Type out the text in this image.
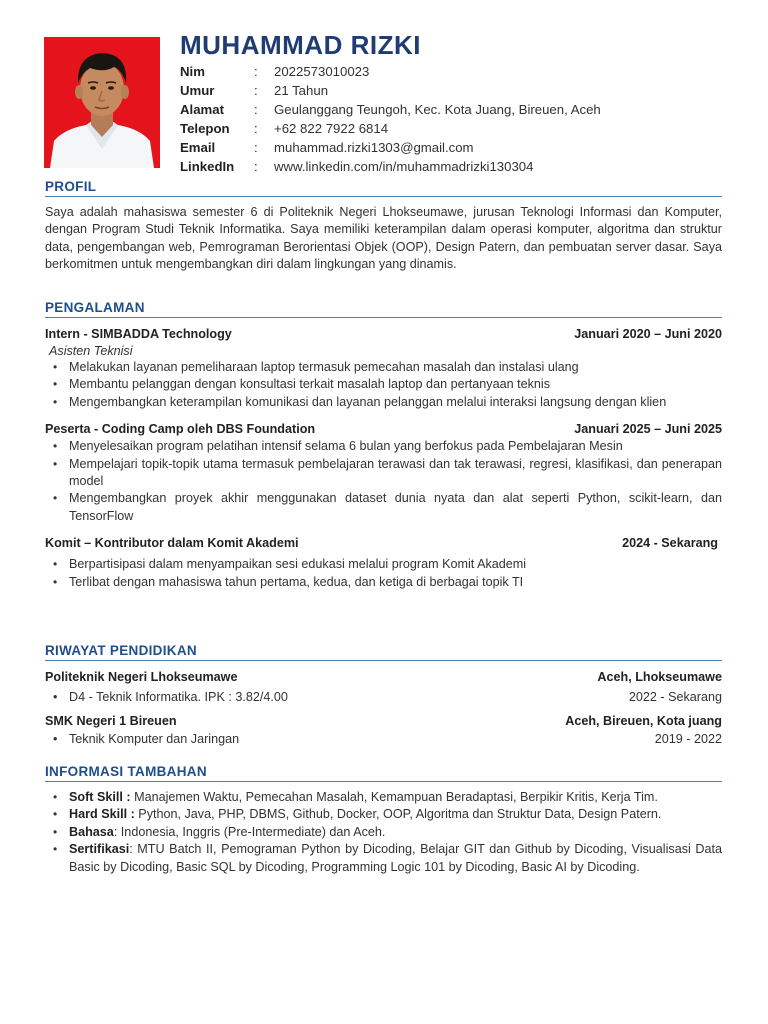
MUHAMMAD RIZKI
Nim	: 2022573010023
Umur	: 21 Tahun
Alamat : Geulanggang Teungoh, Kec. Kota Juang, Bireuen, Aceh
Telepon : +62 822 7922 6814
Email	: muhammad.rizki1303@gmail.com
LinkedIn : www.linkedin.com/in/muhammadrizki130304
PROFIL
Saya adalah mahasiswa semester 6 di Politeknik Negeri Lhokseumawe, jurusan Teknologi Informasi dan Komputer, dengan Program Studi Teknik Informatika. Saya memiliki keterampilan dalam operasi komputer, algoritma dan struktur data, pengembangan web, Pemrograman Berorientasi Objek (OOP), Design Patern, dan pembuatan server dasar. Saya berkomitmen untuk mengembangkan diri dalam lingkungan yang dinamis.
PENGALAMAN
Intern - SIMBADDA Technology	Januari 2020 – Juni 2020
Asisten Teknisi
• Melakukan layanan pemeliharaan laptop termasuk pemecahan masalah dan instalasi ulang
• Membantu pelanggan dengan konsultasi terkait masalah laptop dan pertanyaan teknis
• Mengembangkan keterampilan komunikasi dan layanan pelanggan melalui interaksi langsung dengan klien
Peserta - Coding Camp oleh DBS Foundation	Januari 2025 – Juni 2025
• Menyelesaikan program pelatihan intensif selama 6 bulan yang berfokus pada Pembelajaran Mesin
• Mempelajari topik-topik utama termasuk pembelajaran terawasi dan tak terawasi, regresi, klasifikasi, dan penerapan model
• Mengembangkan proyek akhir menggunakan dataset dunia nyata dan alat seperti Python, scikit-learn, dan TensorFlow
Komit – Kontributor dalam Komit Akademi	2024 - Sekarang
• Berpartisipasi dalam menyampaikan sesi edukasi melalui program Komit Akademi
• Terlibat dengan mahasiswa tahun pertama, kedua, dan ketiga di berbagai topik TI
RIWAYAT PENDIDIKAN
Politeknik Negeri Lhokseumawe	Aceh, Lhokseumawe
• D4 - Teknik Informatika. IPK : 3.82/4.00	2022 - Sekarang
SMK Negeri 1 Bireuen	Aceh, Bireuen, Kota juang
• Teknik Komputer dan Jaringan	2019 - 2022
INFORMASI TAMBAHAN
• Soft Skill : Manajemen Waktu, Pemecahan Masalah, Kemampuan Beradaptasi, Berpikir Kritis, Kerja Tim.
• Hard Skill : Python, Java, PHP, DBMS, Github, Docker, OOP, Algoritma dan Struktur Data, Design Patern.
• Bahasa: Indonesia, Inggris (Pre-Intermediate) dan Aceh.
• Sertifikasi: MTU Batch II, Pemograman Python by Dicoding, Belajar GIT dan Github by Dicoding, Visualisasi Data Basic by Dicoding, Basic SQL by Dicoding, Programming Logic 101 by Dicoding, Basic AI by Dicoding.
